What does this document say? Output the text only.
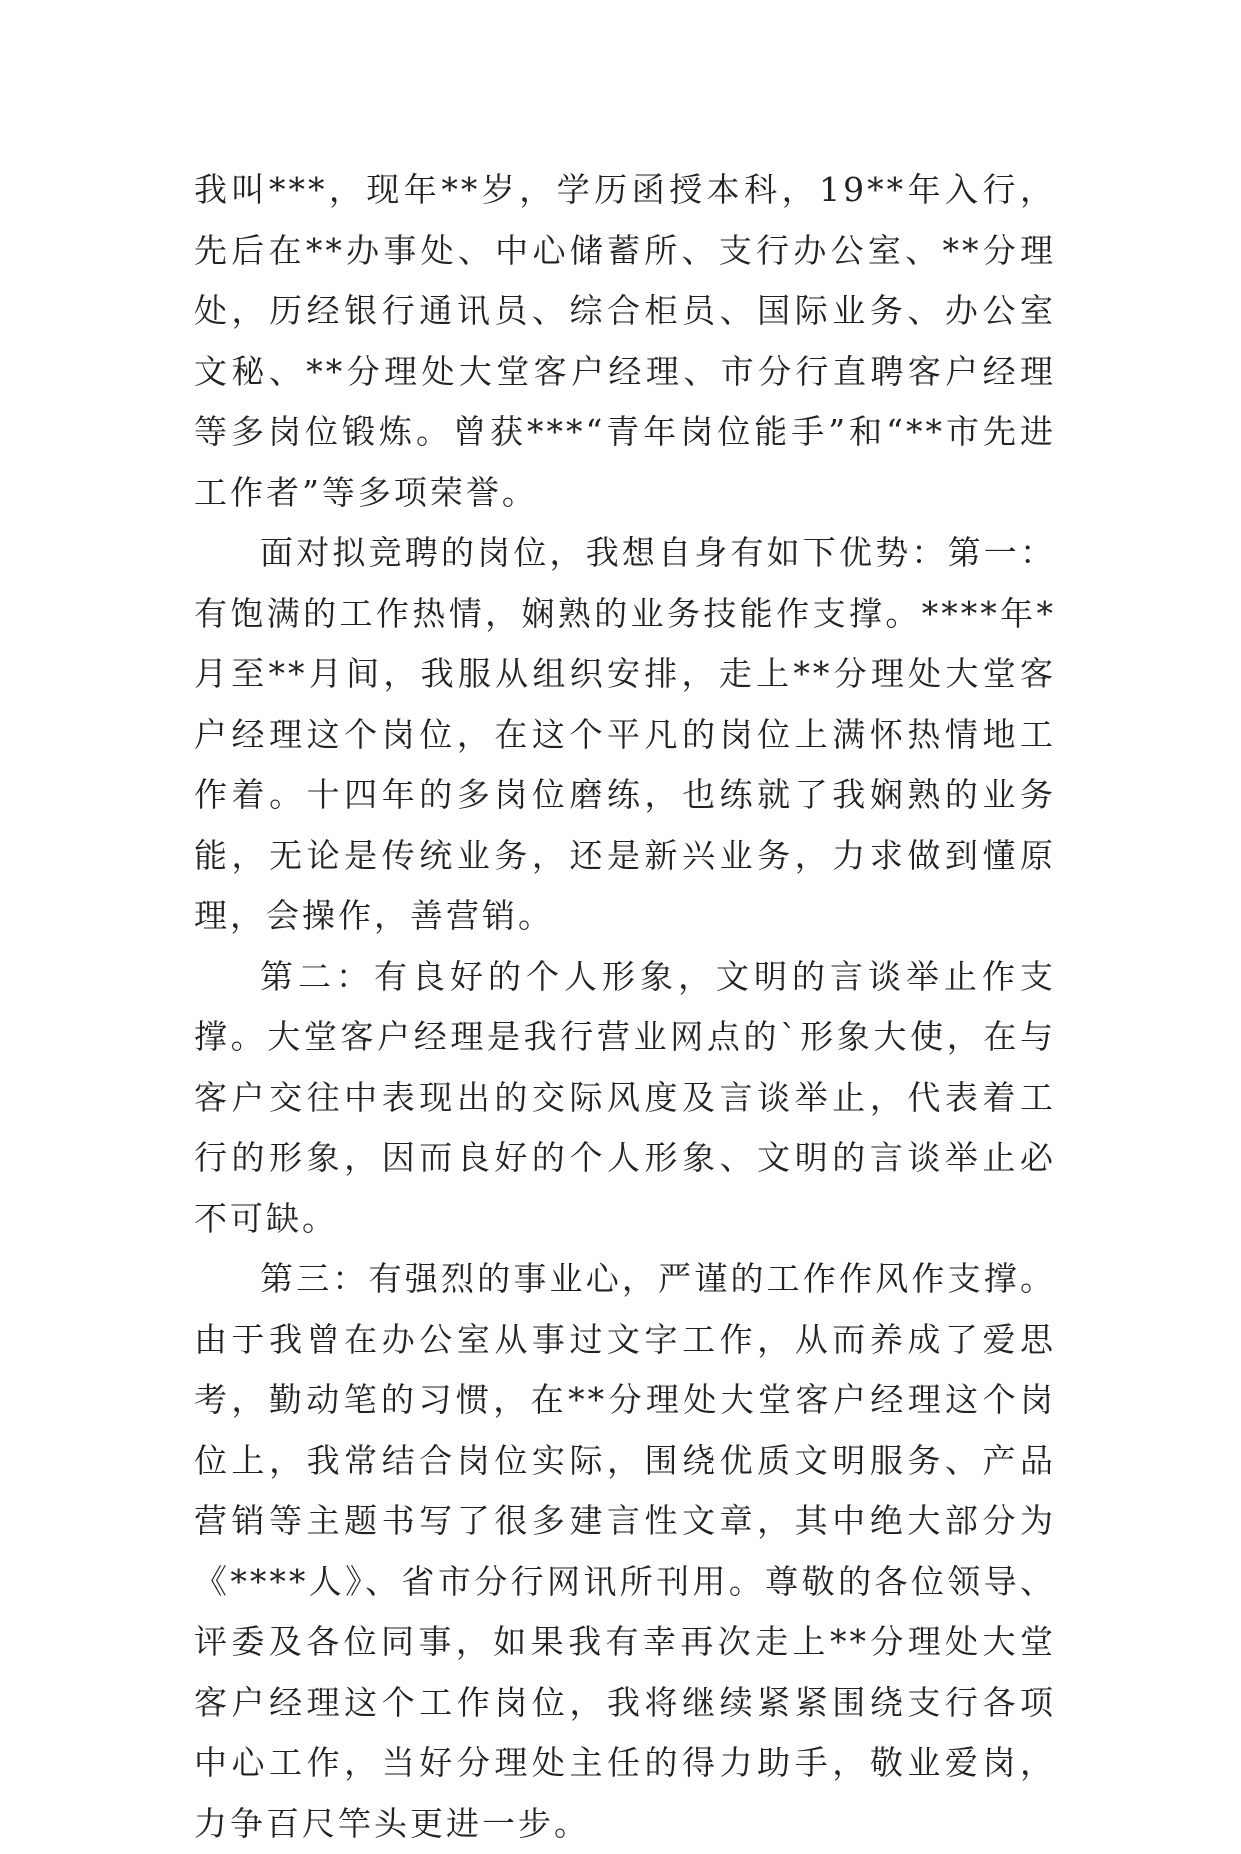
我叫***，现年**岁，学历函授本科，19**年入行，先后在**办事处、中心储蓄所、支行办公室、**分理处，历经银行通讯员、综合柜员、国际业务、办公室文秘、**分理处大堂客户经理、市分行直聘客户经理等多岗位锻炼。曾获***“青年岗位能手”和“**市先进工作者”等多项荣誉。

面对拟竞聘的岗位，我想自身有如下优势：第一：有饱满的工作热情，娴熟的业务技能作支撑。****年*月至**月间，我服从组织安排，走上**分理处大堂客户经理这个岗位，在这个平凡的岗位上满怀热情地工作着。十四年的多岗位磨练，也练就了我娴熟的业务能，无论是传统业务，还是新兴业务，力求做到懂原理，会操作，善营销。

第二：有良好的个人形象，文明的言谈举止作支撑。大堂客户经理是我行营业网点的`形象大使，在与客户交往中表现出的交际风度及言谈举止，代表着工行的形象，因而良好的个人形象、文明的言谈举止必不可缺。

第三：有强烈的事业心，严谨的工作作风作支撑。由于我曾在办公室从事过文字工作，从而养成了爱思考，勤动笔的习惯，在**分理处大堂客户经理这个岗位上，我常结合岗位实际，围绕优质文明服务、产品营销等主题书写了很多建言性文章，其中绝大部分为《****人》、省市分行网讯所刊用。尊敬的各位领导、评委及各位同事，如果我有幸再次走上**分理处大堂客户经理这个工作岗位，我将继续紧紧围绕支行各项中心工作，当好分理处主任的得力助手，敬业爱岗，力争百尺竿头更进一步。
